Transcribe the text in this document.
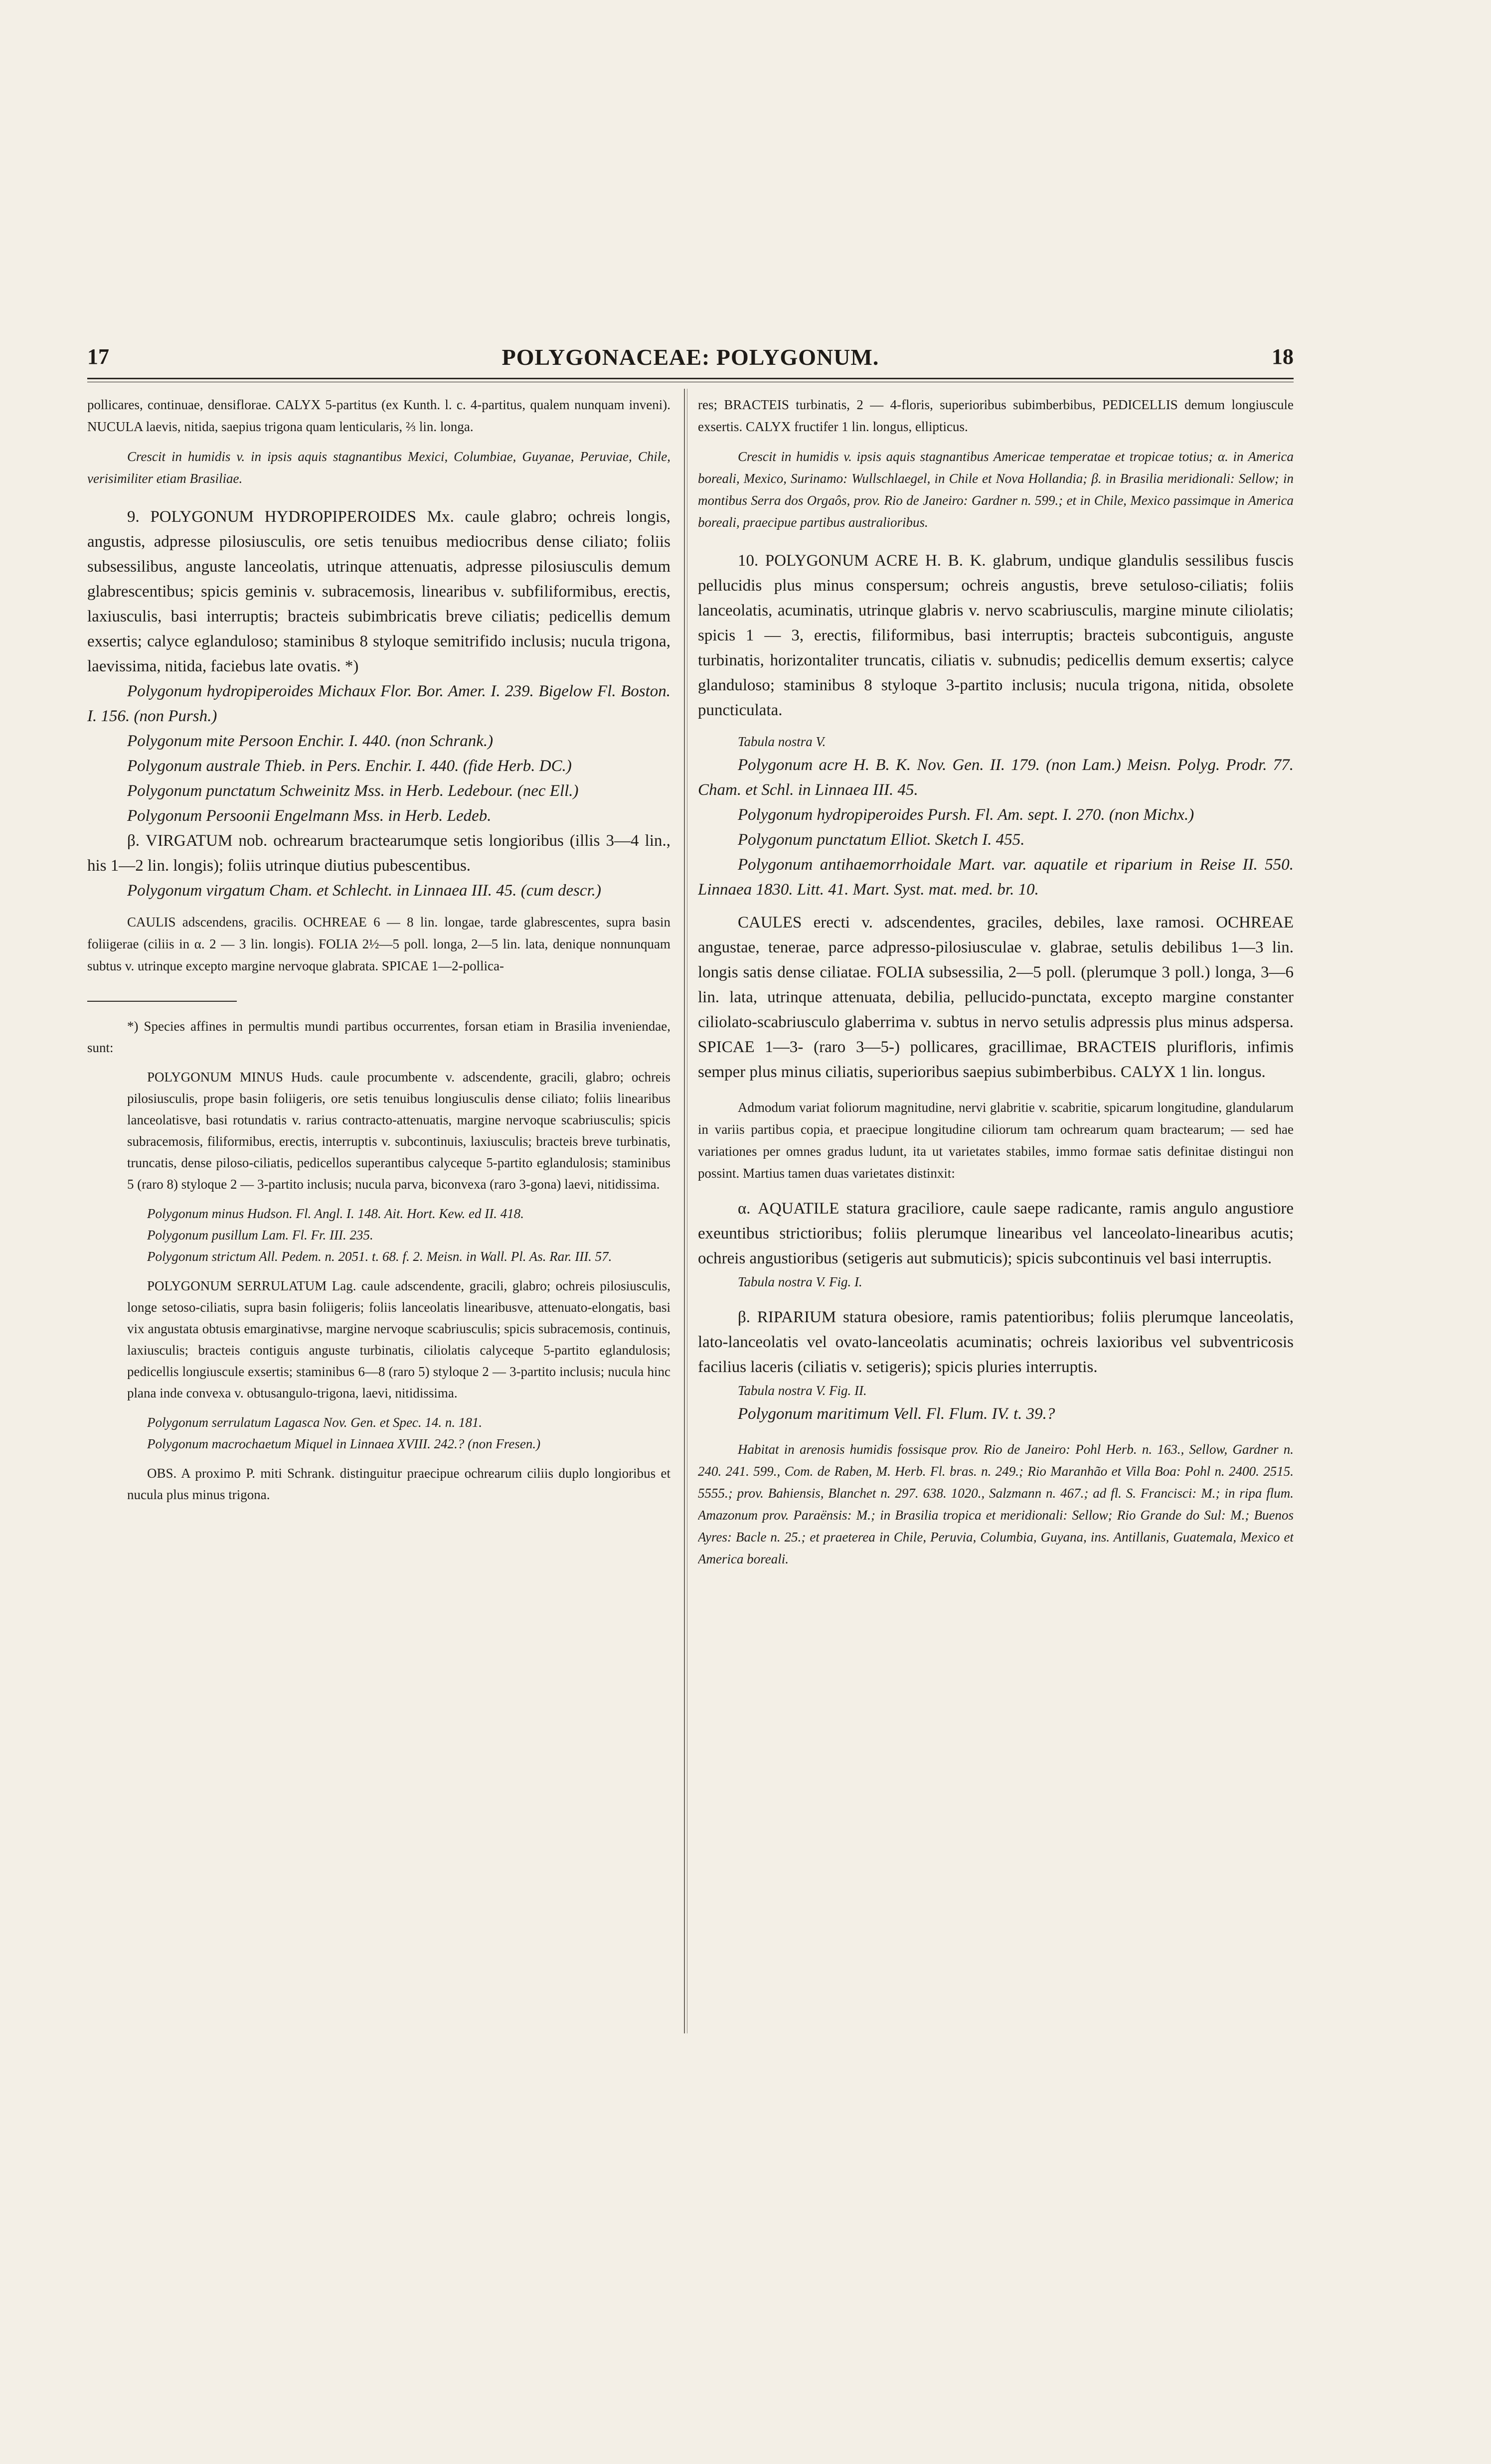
17	POLYGONACEAE: POLYGONUM.	18

pollicares, continuae, densiflorae. CALYX 5-partitus (ex Kunth. l. c. 4-partitus, qualem nunquam inveni). NUCULA laevis, nitida, saepius trigona quam lenticularis, ⅔ lin. longa.

Crescit in humidis v. in ipsis aquis stagnantibus Mexici, Columbiae, Guyanae, Peruviae, Chile, verisimiliter etiam Brasiliae.

9. POLYGONUM HYDROPIPEROIDES Mx. caule glabro; ochreis longis, angustis, adpresse pilosiusculis, ore setis tenuibus mediocribus dense ciliato; foliis subsessilibus, anguste lanceolatis, utrinque attenuatis, adpresse pilosiusculis demum glabrescentibus; spicis geminis v. subracemosis, linearibus v. subfiliformibus, erectis, laxiusculis, basi interruptis; bracteis subimbricatis breve ciliatis; pedicellis demum exsertis; calyce eglanduloso; staminibus 8 styloque semitrifido inclusis; nucula trigona, laevissima, nitida, faciebus late ovatis. *)

Polygonum hydropiperoides Michaux Flor. Bor. Amer. I. 239. Bigelow Fl. Boston. I. 156. (non Pursh.)

Polygonum mite Persoon Enchir. I. 440. (non Schrank.)

Polygonum australe Thieb. in Pers. Enchir. I. 440. (fide Herb. DC.)

Polygonum punctatum Schweinitz Mss. in Herb. Ledebour. (nec Ell.)

Polygonum Persoonii Engelmann Mss. in Herb. Ledeb.

β. VIRGATUM nob. ochrearum bractearumque setis longioribus (illis 3—4 lin., his 1—2 lin. longis); foliis utrinque diutius pubescentibus.

Polygonum virgatum Cham. et Schlecht. in Linnaea III. 45. (cum descr.)

CAULIS adscendens, gracilis. OCHREAE 6 — 8 lin. longae, tarde glabrescentes, supra basin foliigerae (ciliis in α. 2 — 3 lin. longis). FOLIA 2½—5 poll. longa, 2—5 lin. lata, denique nonnunquam subtus v. utrinque excepto margine nervoque glabrata. SPICAE 1—2-pollica-

*) Species affines in permultis mundi partibus occurrentes, forsan etiam in Brasilia inveniendae, sunt:

POLYGONUM MINUS Huds. caule procumbente v. adscendente, gracili, glabro; ochreis pilosiusculis, prope basin foliigeris, ore setis tenuibus longiusculis dense ciliato; foliis linearibus lanceolatisve, basi rotundatis v. rarius contracto-attenuatis, margine nervoque scabriusculis; spicis subracemosis, filiformibus, erectis, interruptis v. subcontinuis, laxiusculis; bracteis breve turbinatis, truncatis, dense piloso-ciliatis, pedicellos superantibus calyceque 5-partito eglandulosis; staminibus 5 (raro 8) styloque 2 — 3-partito inclusis; nucula parva, biconvexa (raro 3-gona) laevi, nitidissima.

Polygonum minus Hudson. Fl. Angl. I. 148. Ait. Hort. Kew. ed II. 418.

Polygonum pusillum Lam. Fl. Fr. III. 235.

Polygonum strictum All. Pedem. n. 2051. t. 68. f. 2. Meisn. in Wall. Pl. As. Rar. III. 57.

POLYGONUM SERRULATUM Lag. caule adscendente, gracili, glabro; ochreis pilosiusculis, longe setoso-ciliatis, supra basin foliigeris; foliis lanceolatis linearibusve, attenuato-elongatis, basi vix angustata obtusis emarginativse, margine nervoque scabriusculis; spicis subracemosis, continuis, laxiusculis; bracteis contiguis anguste turbinatis, ciliolatis calyceque 5-partito eglandulosis; pedicellis longiuscule exsertis; staminibus 6—8 (raro 5) styloque 2 — 3-partito inclusis; nucula hinc plana inde convexa v. obtusangulo-trigona, laevi, nitidissima.

Polygonum serrulatum Lagasca Nov. Gen. et Spec. 14. n. 181.

Polygonum macrochaetum Miquel in Linnaea XVIII. 242.? (non Fresen.)

OBS. A proximo P. miti Schrank. distinguitur praecipue ochrearum ciliis duplo longioribus et nucula plus minus trigona.

res; BRACTEIS turbinatis, 2 — 4-floris, superioribus subimberbibus, PEDICELLIS demum longiuscule exsertis. CALYX fructifer 1 lin. longus, ellipticus.

Crescit in humidis v. ipsis aquis stagnantibus Americae temperatae et tropicae totius; α. in America boreali, Mexico, Surinamo: Wullschlaegel, in Chile et Nova Hollandia; β. in Brasilia meridionali: Sellow; in montibus Serra dos Orgaôs, prov. Rio de Janeiro: Gardner n. 599.; et in Chile, Mexico passimque in America boreali, praecipue partibus australioribus.

10. POLYGONUM ACRE H. B. K. glabrum, undique glandulis sessilibus fuscis pellucidis plus minus conspersum; ochreis angustis, breve setuloso-ciliatis; foliis lanceolatis, acuminatis, utrinque glabris v. nervo scabriusculis, margine minute ciliolatis; spicis 1 — 3, erectis, filiformibus, basi interruptis; bracteis subcontiguis, anguste turbinatis, horizontaliter truncatis, ciliatis v. subnudis; pedicellis demum exsertis; calyce glanduloso; staminibus 8 styloque 3-partito inclusis; nucula trigona, nitida, obsolete puncticulata.

Tabula nostra V.

Polygonum acre H. B. K. Nov. Gen. II. 179. (non Lam.) Meisn. Polyg. Prodr. 77. Cham. et Schl. in Linnaea III. 45.

Polygonum hydropiperoides Pursh. Fl. Am. sept. I. 270. (non Michx.)

Polygonum punctatum Elliot. Sketch I. 455.

Polygonum antihaemorrhoidale Mart. var. aquatile et riparium in Reise II. 550. Linnaea 1830. Litt. 41. Mart. Syst. mat. med. br. 10.

CAULES erecti v. adscendentes, graciles, debiles, laxe ramosi. OCHREAE angustae, tenerae, parce adpresso-pilosiusculae v. glabrae, setulis debilibus 1—3 lin. longis satis dense ciliatae. FOLIA subsessilia, 2—5 poll. (plerumque 3 poll.) longa, 3—6 lin. lata, utrinque attenuata, debilia, pellucido-punctata, excepto margine constanter ciliolato-scabriusculo glaberrima v. subtus in nervo setulis adpressis plus minus adspersa. SPICAE 1—3- (raro 3—5-) pollicares, gracillimae, BRACTEIS plurifloris, infimis semper plus minus ciliatis, superioribus saepius subimberbibus. CALYX 1 lin. longus.

Admodum variat foliorum magnitudine, nervi glabritie v. scabritie, spicarum longitudine, glandularum in variis partibus copia, et praecipue longitudine ciliorum tam ochrearum quam bractearum; — sed hae variationes per omnes gradus ludunt, ita ut varietates stabiles, immo formae satis definitae distingui non possint. Martius tamen duas varietates distinxit:

α. AQUATILE statura graciliore, caule saepe radicante, ramis angulo angustiore exeuntibus strictioribus; foliis plerumque linearibus vel lanceolato-linearibus acutis; ochreis angustioribus (setigeris aut submuticis); spicis subcontinuis vel basi interruptis.

Tabula nostra V. Fig. I.

β. RIPARIUM statura obesiore, ramis patentioribus; foliis plerumque lanceolatis, lato-lanceolatis vel ovato-lanceolatis acuminatis; ochreis laxioribus vel subventricosis facilius laceris (ciliatis v. setigeris); spicis pluries interruptis.

Tabula nostra V. Fig. II.

Polygonum maritimum Vell. Fl. Flum. IV. t. 39.?

Habitat in arenosis humidis fossisque prov. Rio de Janeiro: Pohl Herb. n. 163., Sellow, Gardner n. 240. 241. 599., Com. de Raben, M. Herb. Fl. bras. n. 249.; Rio Maranhão et Villa Boa: Pohl n. 2400. 2515. 5555.; prov. Bahiensis, Blanchet n. 297. 638. 1020., Salzmann n. 467.; ad fl. S. Francisci: M.; in ripa flum. Amazonum prov. Paraënsis: M.; in Brasilia tropica et meridionali: Sellow; Rio Grande do Sul: M.; Buenos Ayres: Bacle n. 25.; et praeterea in Chile, Peruvia, Columbia, Guyana, ins. Antillanis, Guatemala, Mexico et America boreali.
